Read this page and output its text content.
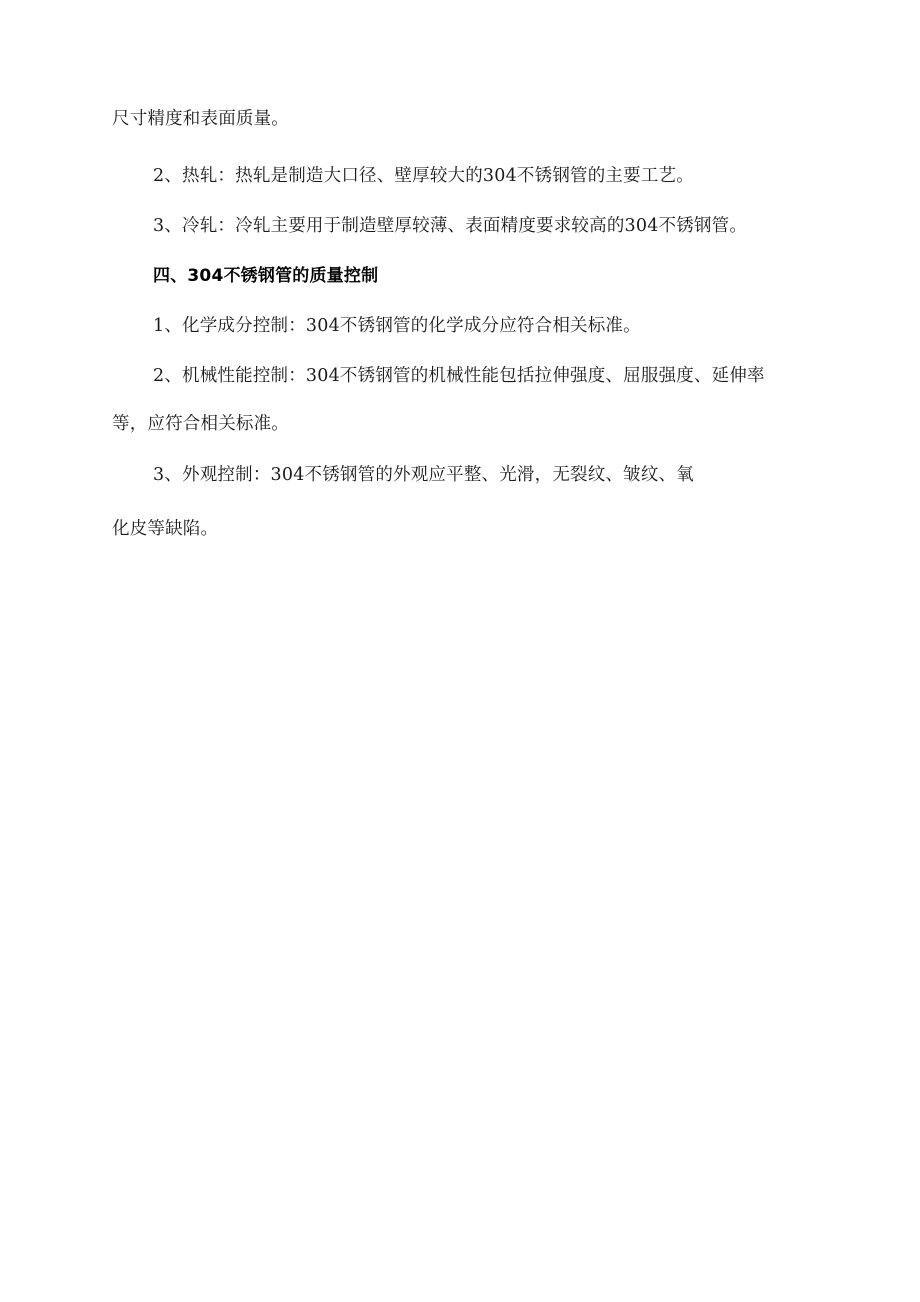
尺寸精度和表面质量。
2、热轧：热轧是制造大口径、壁厚较大的304不锈钢管的主要工艺。
3、冷轧：冷轧主要用于制造壁厚较薄、表面精度要求较高的304不锈钢管。
四、304不锈钢管的质量控制
1、化学成分控制：304不锈钢管的化学成分应符合相关标准。
2、机械性能控制：304不锈钢管的机械性能包括拉伸强度、屈服强度、延伸率
等，应符合相关标准。
3、外观控制：304不锈钢管的外观应平整、光滑，无裂纹、皱纹、氧
化皮等缺陷。
